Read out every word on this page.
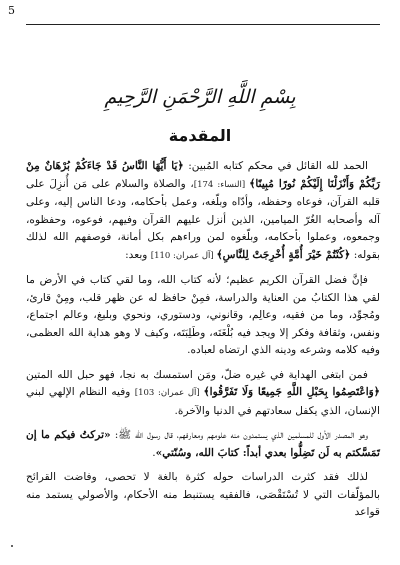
5
بِسْمِ اللَّهِ الرَّحْمَنِ الرَّحِيمِ
المقدمة

الحمد لله القائل في محكم كتابه المُبين: ﴿يَا أَيُّهَا النَّاسُ قَدْ جَاءَكُمْ بُرْهَانٌ مِنْ رَبِّكُمْ وَأَنْزَلْنَا إِلَيْكُمْ نُورًا مُبِينًا﴾ [النساء: 174]، والصلاة والسلام على مَن أُنزِلَ على قلبه القرآن، فوعاه وحفظه، وأدّاه وبلّغه، وعمل بأحكامه، ودعا الناس إليه، وعلى آله وأصحابه الغُرّ الميامين، الذين أنزل عليهم القرآن وفيهم، فوعوه، وحفظوه، وجمعوه، وعملوا بأحكامه، وبلّغوه لمن وراءهم بكل أمانة، فوصفهم الله لذلك بقوله: ﴿كُنْتُمْ خَيْرَ أُمَّةٍ أُخْرِجَتْ لِلنَّاسِ﴾ [آل عمران: 110] وبعد:

فإنَّ فضل القرآن الكريم عظيم؛ لأنه كتاب الله، وما لقي كتاب في الأرض ما لقي هذا الكتابُ من العناية والدراسة، فمِنْ حافظ له عن ظهر قلب، ومِنْ قارئ، ومُجوِّد، وما من فقيه، وعالِم، وقانوني، ودستوري، ونحوي وبليغ، وعالم اجتماع، ونفس، وثقافة وفكر إلا ويجد فيه بُلْغَتَه، وطَلِبَتَه، وكيف لا وهو هداية الله العظمى، وفيه كلامه وشرعه ودينه الذي ارتضاه لعباده.

فمن ابتغى الهداية في غيره ضلّ، ومَن استمسك به نجا، فهو حبل الله المتين ﴿وَاعْتَصِمُوا بِحَبْلِ اللَّهِ جَمِيعًا وَلَا تَفَرَّقُوا﴾ [آل عمران: 103] وفيه النظام الإلهي لبني الإنسان، الذي يكفل سعادتهم في الدنيا والآخرة.

وهو المصدر الأول للمسلمين الذي يستمدون منه علومهم ومعارفهم، قال رسول الله ﷺ: «تركتُ فيكم ما إن تَمَسَّكتم به لَن تَضِلُّوا بعدي أبداً: كتابَ الله، وسُنّتي».

لذلك فقد كثرت الدراسات حوله كثرة بالغة لا تحصى، وفاضت القرائح بالمؤلّفات التي لا تُسْتَقْصَى، فالفقيه يستنبط منه الأحكام، والأصولي يستمد منه قواعد
